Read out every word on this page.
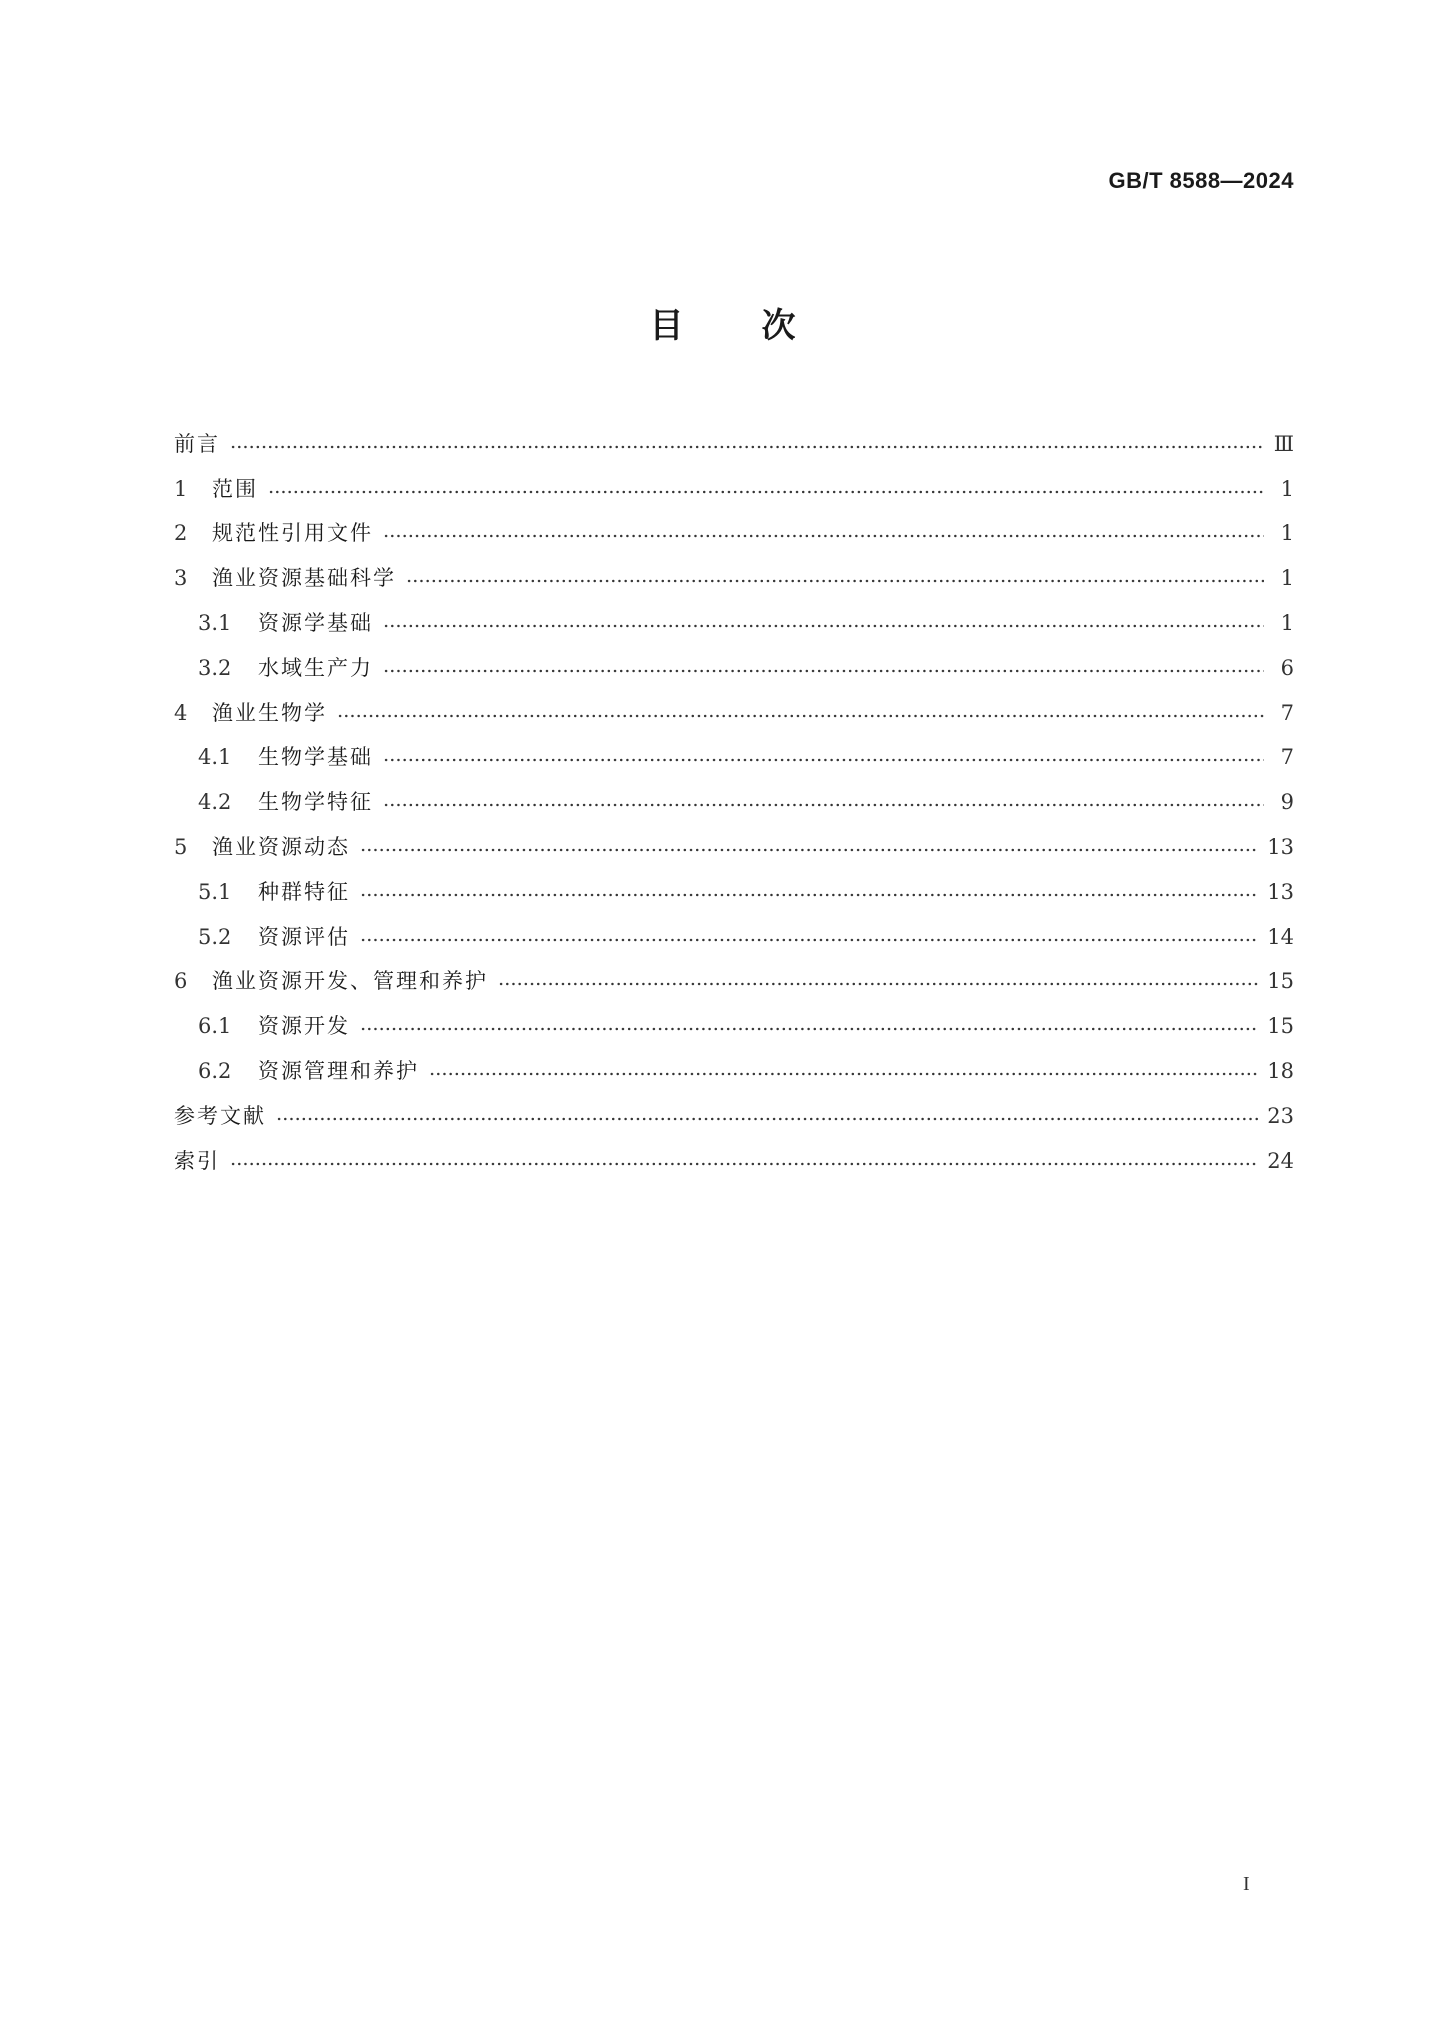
GB/T 8588—2024
目次
前言	Ⅲ
1	范围	1
2	规范性引用文件	1
3	渔业资源基础科学	1
3.1	资源学基础	1
3.2	水域生产力	6
4	渔业生物学	7
4.1	生物学基础	7
4.2	生物学特征	9
5	渔业资源动态	13
5.1	种群特征	13
5.2	资源评估	14
6	渔业资源开发、管理和养护	15
6.1	资源开发	15
6.2	资源管理和养护	18
参考文献	23
索引	24
I
